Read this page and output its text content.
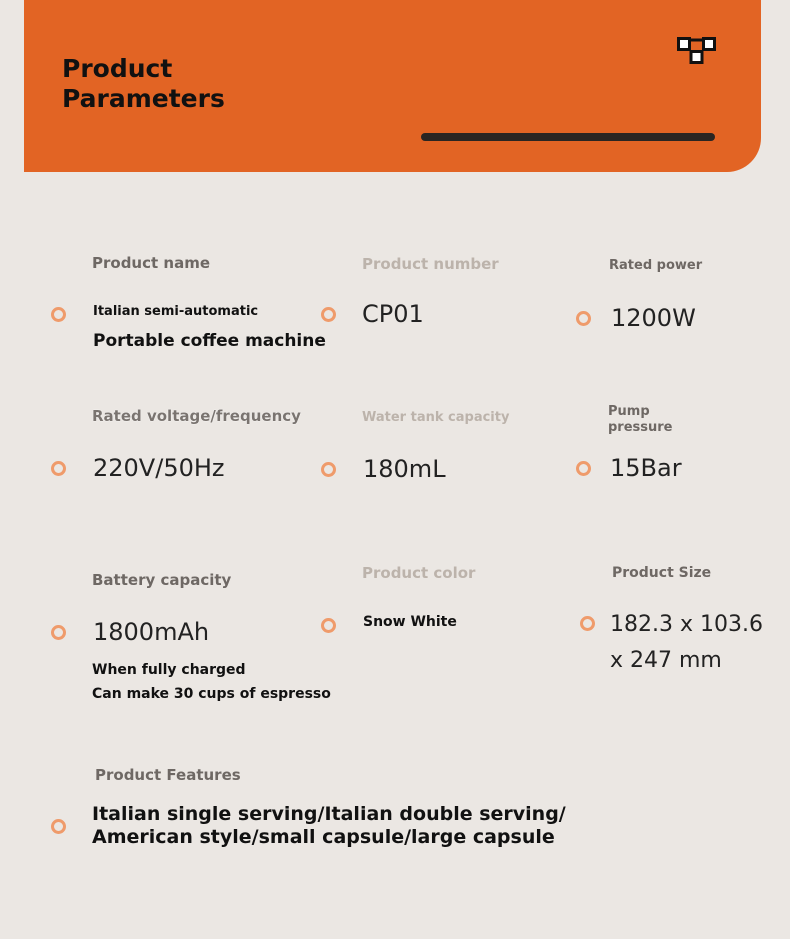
Product
Parameters
Product name
Italian semi-automatic
Portable coffee machine
Product number
CP01
Rated power
1200W
Rated voltage/frequency
220V/50Hz
Water tank capacity
180mL
Pump
pressure
15Bar
Battery capacity
1800mAh
When fully charged
Can make 30 cups of espresso
Product color
Snow White
Product Size
182.3 x 103.6
x 247 mm
Product Features
Italian single serving/Italian double serving/
American style/small capsule/large capsule
